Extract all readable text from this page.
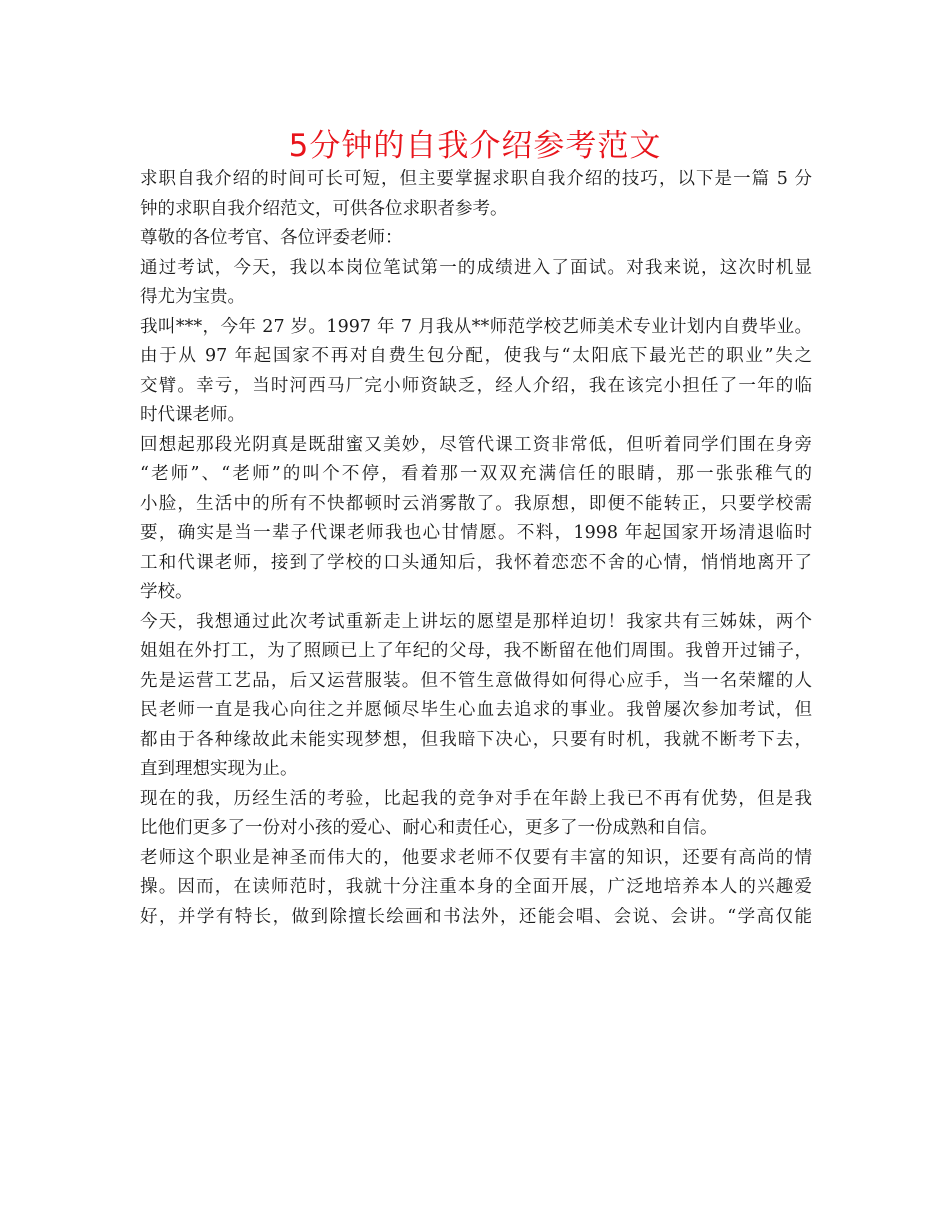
5分钟的自我介绍参考范文
求职自我介绍的时间可长可短，但主要掌握求职自我介绍的技巧，以下是一篇 5 分
钟的求职自我介绍范文，可供各位求职者参考。
尊敬的各位考官、各位评委老师：
通过考试，今天，我以本岗位笔试第一的成绩进入了面试。对我来说，这次时机显
得尤为宝贵。
我叫***，今年 27 岁。1997 年 7 月我从**师范学校艺师美术专业计划内自费毕业。
由于从 97 年起国家不再对自费生包分配，使我与“太阳底下最光芒的职业”失之
交臂。幸亏，当时河西马厂完小师资缺乏，经人介绍，我在该完小担任了一年的临
时代课老师。
回想起那段光阴真是既甜蜜又美妙，尽管代课工资非常低，但听着同学们围在身旁
“老师”、“老师”的叫个不停，看着那一双双充满信任的眼睛，那一张张稚气的
小脸，生活中的所有不快都顿时云消雾散了。我原想，即便不能转正，只要学校需
要，确实是当一辈子代课老师我也心甘情愿。不料，1998 年起国家开场清退临时
工和代课老师，接到了学校的口头通知后，我怀着恋恋不舍的心情，悄悄地离开了
学校。
今天，我想通过此次考试重新走上讲坛的愿望是那样迫切！我家共有三姊妹，两个
姐姐在外打工，为了照顾已上了年纪的父母，我不断留在他们周围。我曾开过铺子，
先是运营工艺品，后又运营服装。但不管生意做得如何得心应手，当一名荣耀的人
民老师一直是我心向往之并愿倾尽毕生心血去追求的事业。我曾屡次参加考试，但
都由于各种缘故此未能实现梦想，但我暗下决心，只要有时机，我就不断考下去，
直到理想实现为止。
现在的我，历经生活的考验，比起我的竞争对手在年龄上我已不再有优势，但是我
比他们更多了一份对小孩的爱心、耐心和责任心，更多了一份成熟和自信。
老师这个职业是神圣而伟大的，他要求老师不仅要有丰富的知识，还要有高尚的情
操。因而，在读师范时，我就十分注重本身的全面开展，广泛地培养本人的兴趣爱
好，并学有特长，做到除擅长绘画和书法外，还能会唱、会说、会讲。“学高仅能
